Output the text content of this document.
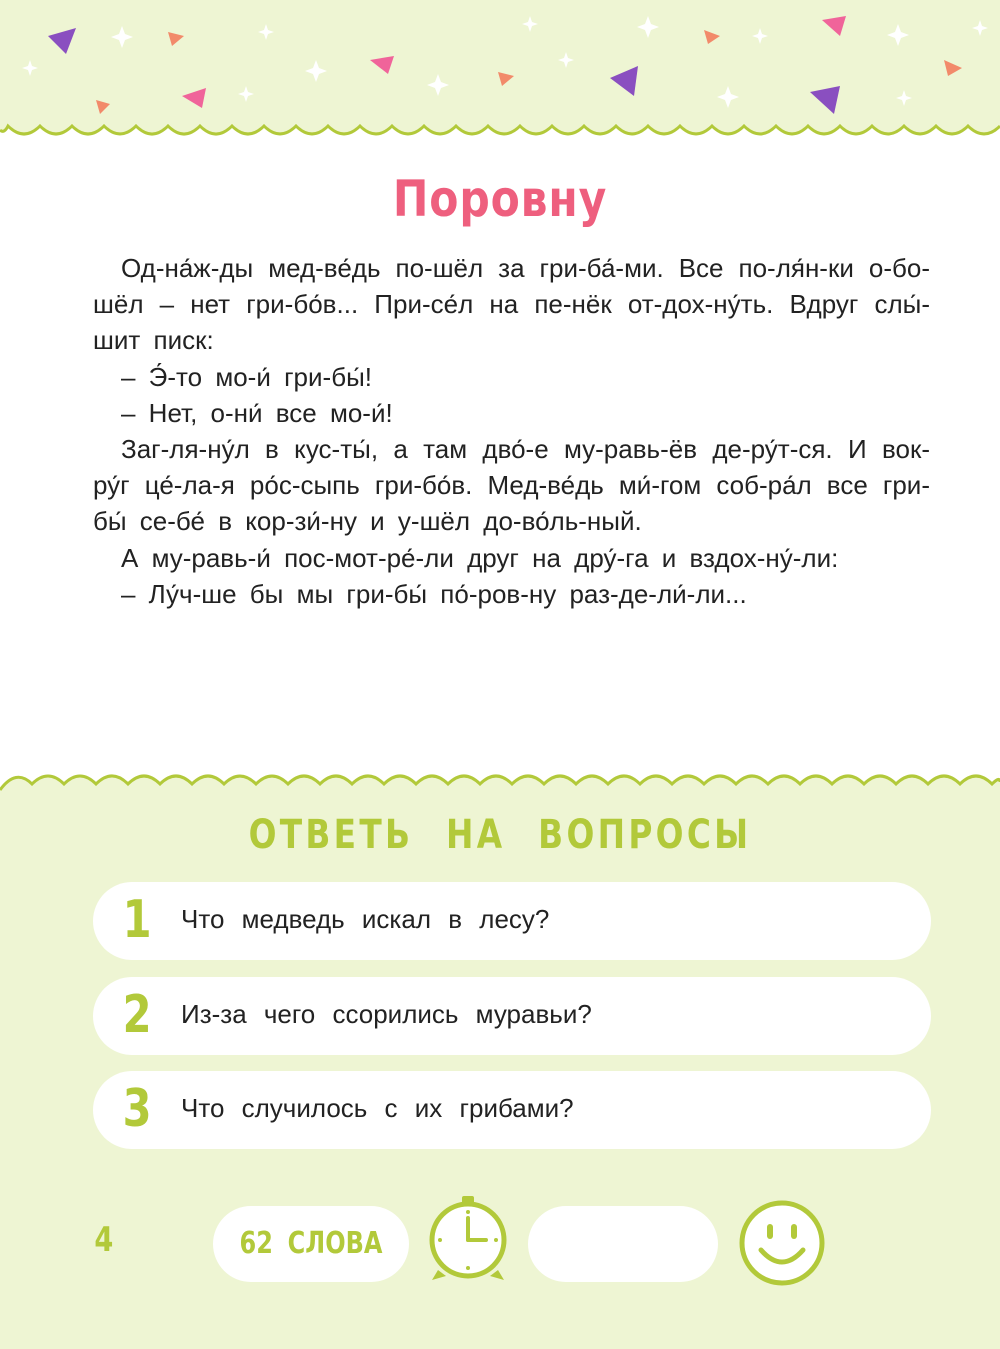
Поровну

Од-на́ж-ды мед-ве́дь по-шёл за гри-ба́-ми. Все по-ля́н-ки о-бо-шёл – нет гри-бо́в... При-се́л на пе-нёк от-дох-ну́ть. Вдруг слы́-шит писк:

– Э́-то мо-и́ гри-бы́!

– Нет, о-ни́ все мо-и́!

Заг-ля-ну́л в кус-ты́, а там дво́-е му-равь-ёв де-ру́т-ся. И вок-ру́г це́-ла-я ро́с-сыпь гри-бо́в. Мед-ве́дь ми́-гом соб-ра́л все гри-бы́ се-бе́ в кор-зи́-ну и у-шёл до-во́ль-ный.

А му-равь-и́ пос-мот-ре́-ли друг на дру́-га и вздох-ну́-ли:

– Лу́ч-ше бы мы гри-бы́ по́-ров-ну раз-де-ли́-ли...

ОТВЕТЬ НА ВОПРОСЫ
1 Что медведь искал в лесу?
2 Из-за чего ссорились муравьи?
3 Что случилось с их грибами?
4	62 СЛОВА
